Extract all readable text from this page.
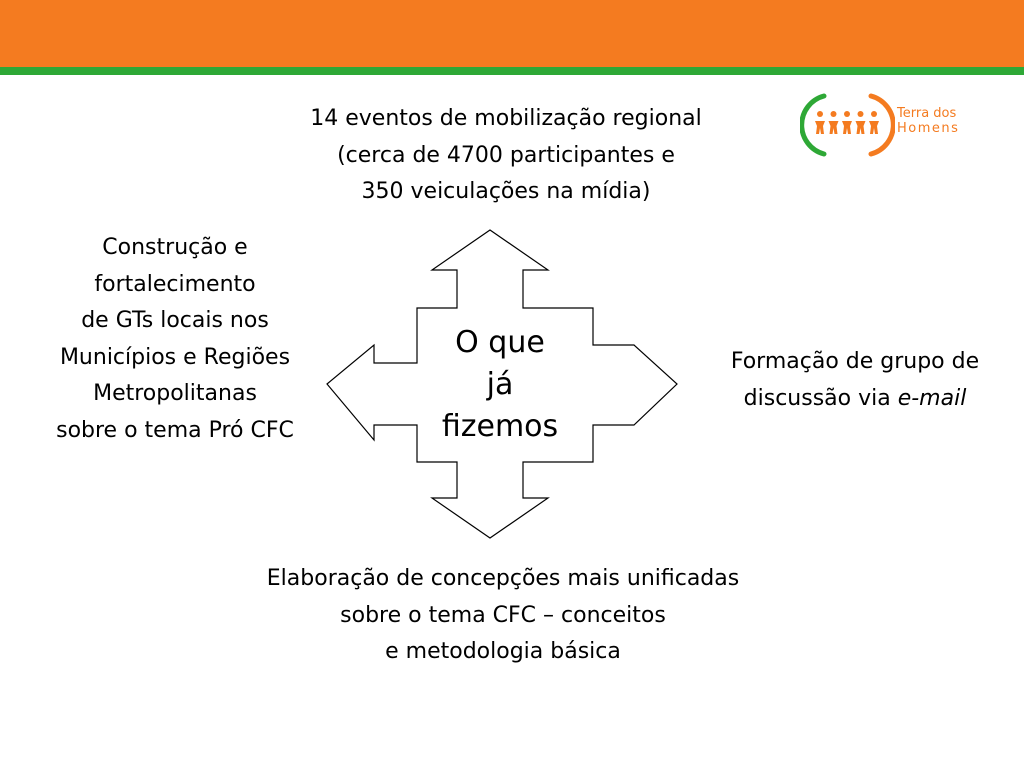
Terra dos
Homens
14 eventos de mobilização regional
(cerca de 4700 participantes e
350 veiculações na mídia)
Construção e
fortalecimento
de GTs locais nos
Municípios e Regiões
Metropolitanas
sobre o tema Pró CFC
O que
já
fizemos
Formação de grupo de
discussão via e-mail
Elaboração de concepções mais unificadas
sobre o tema CFC – conceitos
e metodologia básica
